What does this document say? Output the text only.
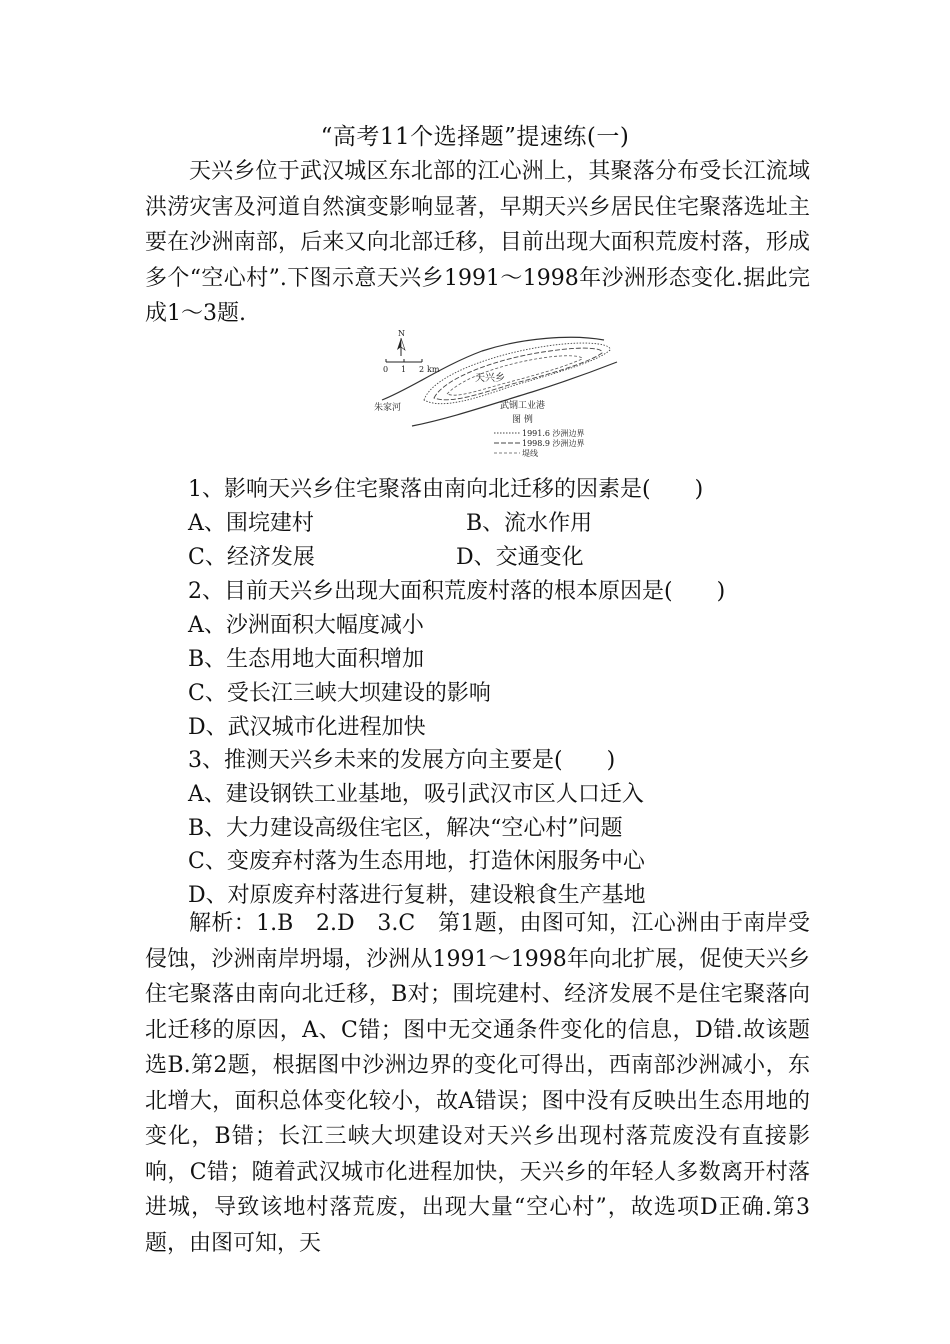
“高考11个选择题”提速练(一)

天兴乡位于武汉城区东北部的江心洲上，其聚落分布受长江流域洪涝灾害及河道自然演变影响显著，早期天兴乡居民住宅聚落选址主要在沙洲南部，后来又向北部迁移，目前出现大面积荒废村落，形成多个“空心村”.下图示意天兴乡1991～1998年沙洲形态变化.据此完成1～3题.

N
0 1 2 km
天兴乡
朱家河	武钢工业港
图 例
1991.6 沙洲边界
1998.9 沙洲边界
堤线
1、影响天兴乡住宅聚落由南向北迁移的因素是(　　)
A、围垸建村	B、流水作用
C、经济发展	D、交通变化
2、目前天兴乡出现大面积荒废村落的根本原因是(　　)
A、沙洲面积大幅度减小
B、生态用地大面积增加
C、受长江三峡大坝建设的影响
D、武汉城市化进程加快
3、推测天兴乡未来的发展方向主要是(　　)
A、建设钢铁工业基地，吸引武汉市区人口迁入
B、大力建设高级住宅区，解决“空心村”问题
C、变废弃村落为生态用地，打造休闲服务中心
D、对原废弃村落进行复耕，建设粮食生产基地

解析：1.B　2.D　3.C　第1题，由图可知，江心洲由于南岸受侵蚀，沙洲南岸坍塌，沙洲从1991～1998年向北扩展，促使天兴乡住宅聚落由南向北迁移，B对；围垸建村、经济发展不是住宅聚落向北迁移的原因，A、C错；图中无交通条件变化的信息，D错.故该题选B.第2题，根据图中沙洲边界的变化可得出，西南部沙洲减小，东北增大，面积总体变化较小，故A错误；图中没有反映出生态用地的变化，B错；长江三峡大坝建设对天兴乡出现村落荒废没有直接影响，C错；随着武汉城市化进程加快，天兴乡的年轻人多数离开村落进城，导致该地村落荒废，出现大量“空心村”，故选项D正确.第3题，由图可知，天
